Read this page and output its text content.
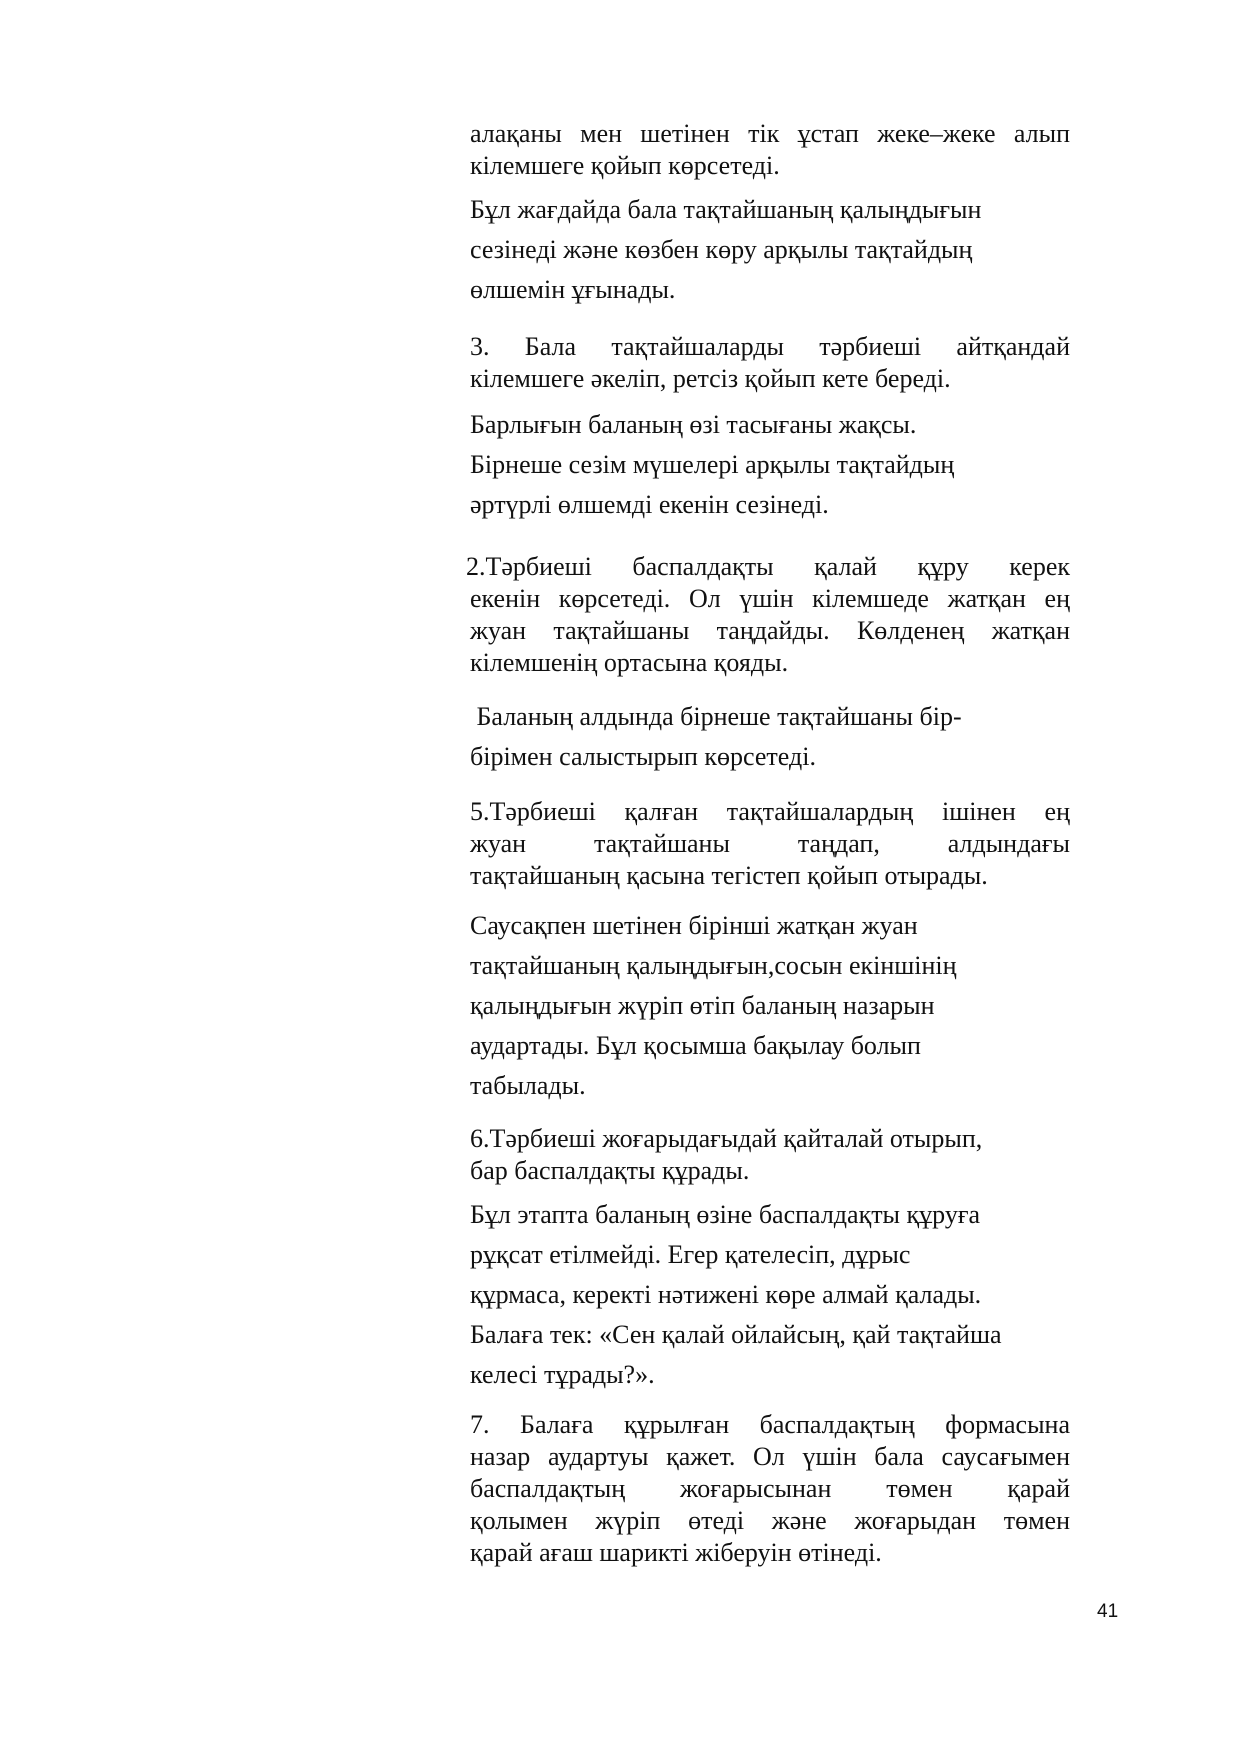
алақаны мен шетінен тік ұстап жеке–жеке алып
кілемшеге қойып көрсетеді.
Бұл жағдайда бала тақтайшаның қалыңдығын
сезінеді және көзбен көру арқылы тақтайдың
өлшемін ұғынады.
3. Бала тақтайшаларды тәрбиеші айтқандай
кілемшеге әкеліп, ретсіз қойып кете береді.
Барлығын баланың өзі тасығаны жақсы.
Бірнеше сезім мүшелері арқылы тақтайдың
әртүрлі өлшемді екенін сезінеді.
2.Тәрбиеші баспалдақты қалай құру керек
екенін көрсетеді. Ол үшін кілемшеде жатқан ең
жуан тақтайшаны таңдайды. Көлденең жатқан
кілемшенің ортасына қояды.
Баланың алдында бірнеше тақтайшаны бір-
бірімен салыстырып көрсетеді.
5.Тәрбиеші қалған тақтайшалардың ішінен ең
жуан тақтайшаны таңдап, алдындағы
тақтайшаның қасына тегістеп қойып отырады.
Саусақпен шетінен бірінші жатқан жуан
тақтайшаның қалыңдығын,сосын екіншінің
қалыңдығын жүріп өтіп баланың назарын
аудартады. Бұл қосымша бақылау болып
табылады.
6.Тәрбиеші жоғарыдағыдай қайталай отырып,
бар баспалдақты құрады.
Бұл этапта баланың өзіне баспалдақты құруға
рұқсат етілмейді. Егер қателесіп, дұрыс
құрмаса, керекті нәтижені көре алмай қалады.
Балаға тек: «Сен қалай ойлайсың, қай тақтайша
келесі тұрады?».
7. Балаға құрылған баспалдақтың формасына
назар аудартуы қажет. Ол үшін бала саусағымен
баспалдақтың жоғарысынан төмен қарай
қолымен жүріп өтеді және жоғарыдан төмен
қарай ағаш шарикті жіберуін өтінеді.
41
